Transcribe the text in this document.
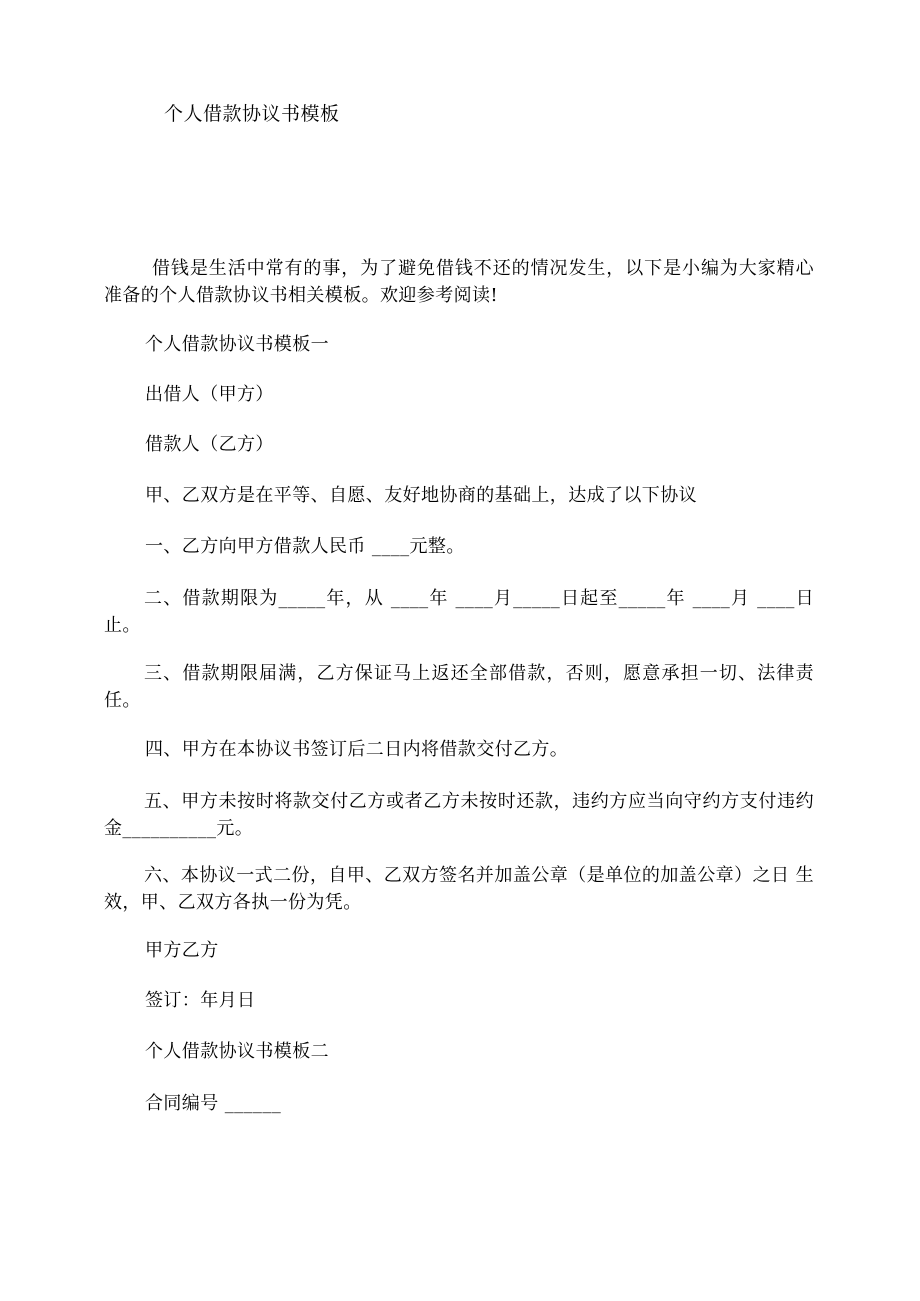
个人借款协议书模板
借钱是生活中常有的事，为了避免借钱不还的情况发生，以下是小编为大家精心准备的个人借款协议书相关模板。欢迎参考阅读!
个人借款协议书模板一
出借人（甲方）
借款人（乙方）
甲、乙双方是在平等、自愿、友好地协商的基础上，达成了以下协议
一、乙方向甲方借款人民币 ____元整。
二、借款期限为_____年，从 ____年 ____月_____日起至_____年 ____月 ____日止。
三、借款期限届满，乙方保证马上返还全部借款，否则，愿意承担一切、法律责任。
四、甲方在本协议书签订后二日内将借款交付乙方。
五、甲方未按时将款交付乙方或者乙方未按时还款，违约方应当向守约方支付违约金__________元。
六、本协议一式二份，自甲、乙双方签名并加盖公章（是单位的加盖公章）之日 生效，甲、乙双方各执一份为凭。
甲方乙方
签订：年月日
个人借款协议书模板二
合同编号 ______
